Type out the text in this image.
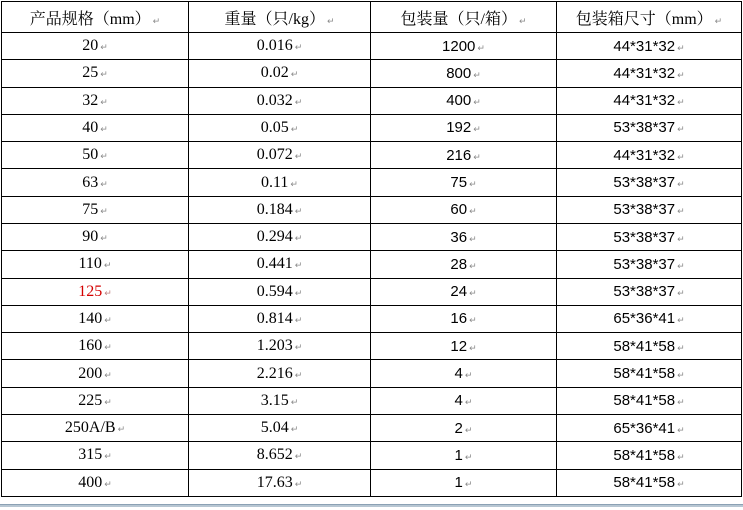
产品规格（mm） ↵	重量（只/kg） ↵	包装量（只/箱） ↵	包装箱尺寸（mm） ↵
20 ↵	0.016 ↵	1200 ↵	44*31*32 ↵
25 ↵	0.02 ↵	800 ↵	44*31*32 ↵
32 ↵	0.032 ↵	400 ↵	44*31*32 ↵
40 ↵	0.05 ↵	192 ↵	53*38*37 ↵
50 ↵	0.072 ↵	216 ↵	44*31*32 ↵
63 ↵	0.11 ↵	75 ↵	53*38*37 ↵
75 ↵	0.184 ↵	60 ↵	53*38*37 ↵
90 ↵	0.294 ↵	36 ↵	53*38*37 ↵
110 ↵	0.441 ↵	28 ↵	53*38*37 ↵
125 ↵	0.594 ↵	24 ↵	53*38*37 ↵
140 ↵	0.814 ↵	16 ↵	65*36*41 ↵
160 ↵	1.203 ↵	12 ↵	58*41*58 ↵
200 ↵	2.216 ↵	4 ↵	58*41*58 ↵
225 ↵	3.15 ↵	4 ↵	58*41*58 ↵
250A/B ↵	5.04 ↵	2 ↵	65*36*41 ↵
315 ↵	8.652 ↵	1 ↵	58*41*58 ↵
400 ↵	17.63 ↵	1 ↵	58*41*58 ↵
